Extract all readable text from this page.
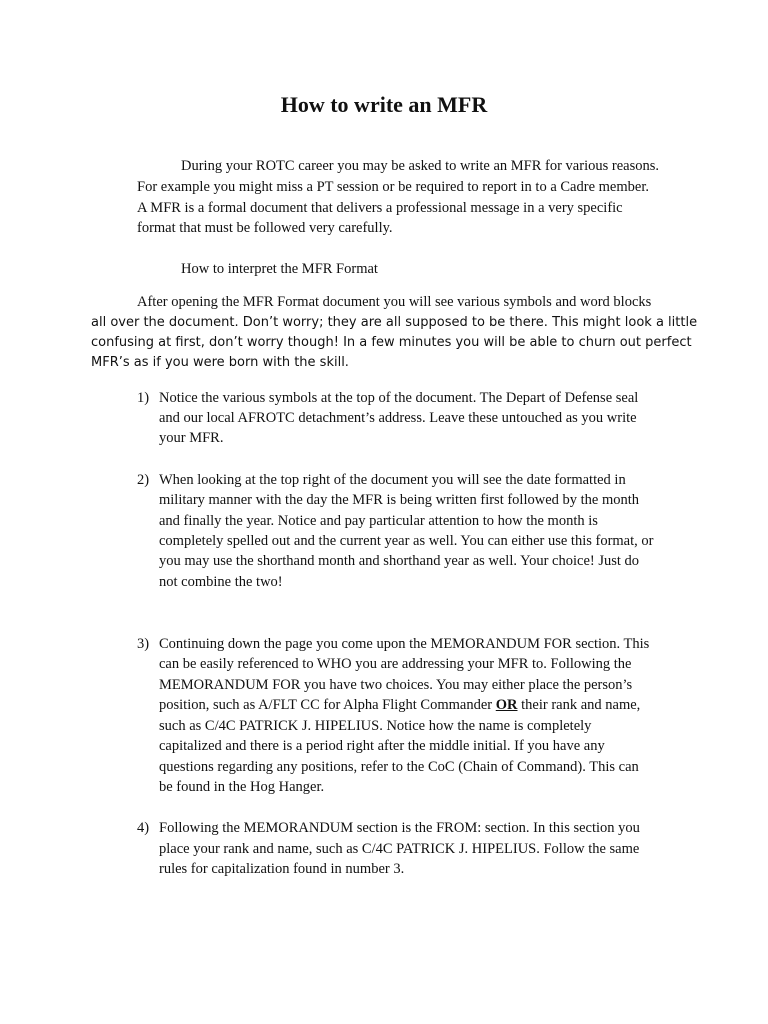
How to write an MFR

During your ROTC career you may be asked to write an MFR for various reasons.

For example you might miss a PT session or be required to report in to a Cadre member.

A MFR is a formal document that delivers a professional message in a very specific

format that must be followed very carefully.

How to interpret the MFR Format

After opening the MFR Format document you will see various symbols and word blocks

all over the document. Don’t worry; they are all supposed to be there. This might look a little

confusing at first, don’t worry though! In a few minutes you will be able to churn out perfect

MFR’s as if you were born with the skill.

1) Notice the various symbols at the top of the document. The Depart of Defense seal

and our local AFROTC detachment’s address. Leave these untouched as you write

your MFR.

2) When looking at the top right of the document you will see the date formatted in

military manner with the day the MFR is being written first followed by the month

and finally the year. Notice and pay particular attention to how the month is

completely spelled out and the current year as well. You can either use this format, or

you may use the shorthand month and shorthand year as well. Your choice! Just do

not combine the two!

3) Continuing down the page you come upon the MEMORANDUM FOR section. This

can be easily referenced to WHO you are addressing your MFR to. Following the

MEMORANDUM FOR you have two choices. You may either place the person’s

position, such as A/FLT CC for Alpha Flight Commander OR their rank and name,

such as C/4C PATRICK J. HIPELIUS. Notice how the name is completely

capitalized and there is a period right after the middle initial. If you have any

questions regarding any positions, refer to the CoC (Chain of Command). This can

be found in the Hog Hanger.

4) Following the MEMORANDUM section is the FROM: section. In this section you

place your rank and name, such as C/4C PATRICK J. HIPELIUS. Follow the same

rules for capitalization found in number 3.
